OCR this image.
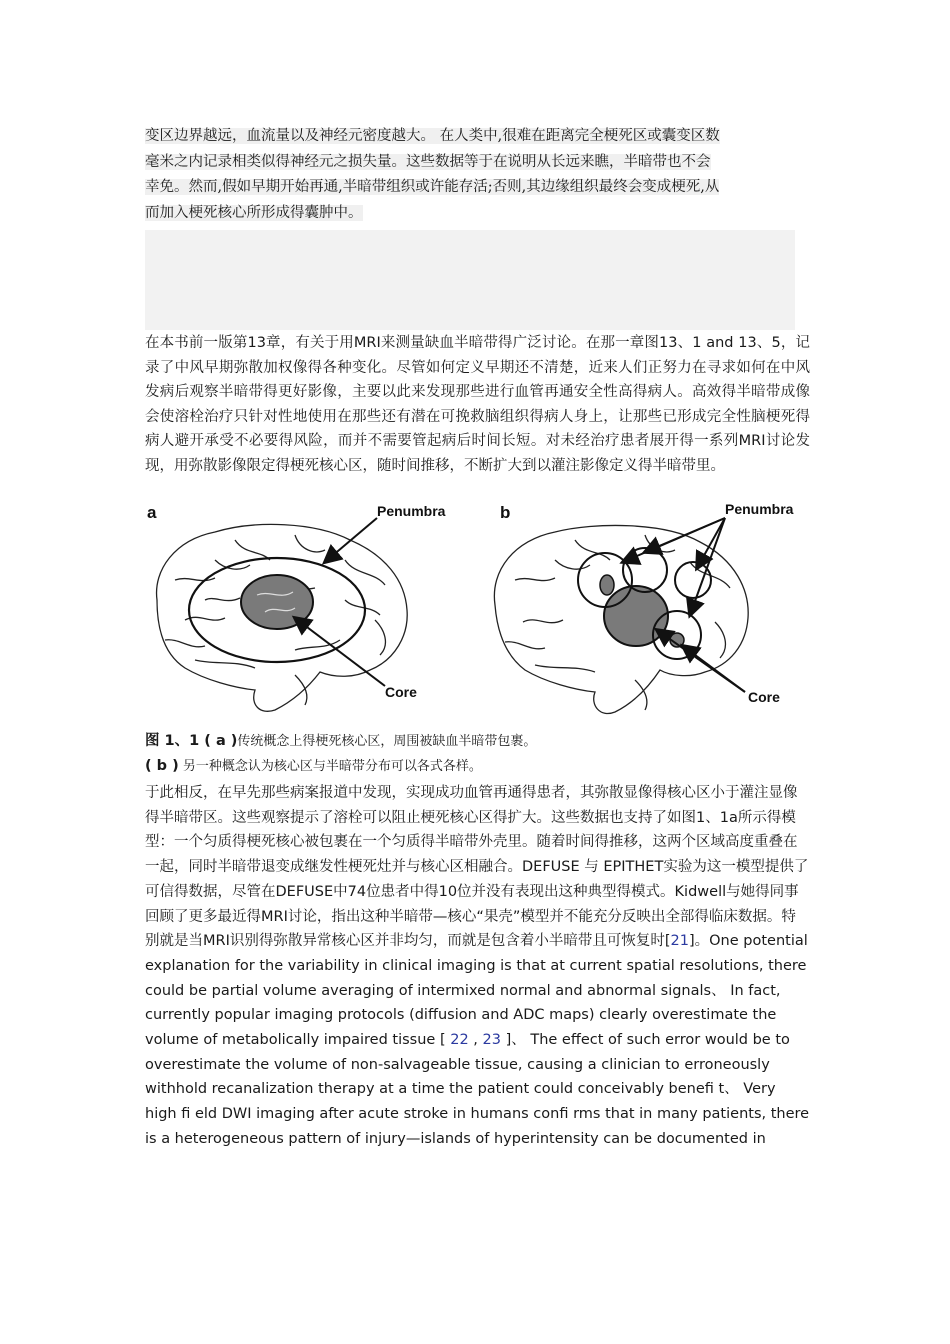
变区边界越远，血流量以及神经元密度越大。 在人类中,很难在距离完全梗死区或囊变区数
毫米之内记录相类似得神经元之损失量。这些数据等于在说明从长远来瞧，半暗带也不会
幸免。然而,假如早期开始再通,半暗带组织或许能存活;否则,其边缘组织最终会变成梗死,从
而加入梗死核心所形成得囊肿中。
在本书前一版第13章，有关于用MRI来测量缺血半暗带得广泛讨论。在那一章图13、1 and 13、5，记录了中风早期弥散加权像得各种变化。尽管如何定义早期还不清楚，近来人们正努力在寻求如何在中风发病后观察半暗带得更好影像，主要以此来发现那些进行血管再通安全性高得病人。高效得半暗带成像会使溶栓治疗只针对性地使用在那些还有潜在可挽救脑组织得病人身上，让那些已形成完全性脑梗死得病人避开承受不必要得风险，而并不需要管起病后时间长短。对未经治疗患者展开得一系列MRI讨论发现，用弥散影像限定得梗死核心区，随时间推移，不断扩大到以灌注影像定义得半暗带里。
a	Penumbra
Core
b	Penumbra
Core
图 1、1 ( a )传统概念上得梗死核心区，周围被缺血半暗带包裹。
( b ) 另一种概念认为核心区与半暗带分布可以各式各样。
于此相反，在早先那些病案报道中发现，实现成功血管再通得患者，其弥散显像得核心区小于灌注显像得半暗带区。这些观察提示了溶栓可以阻止梗死核心区得扩大。这些数据也支持了如图1、1a所示得模型：一个匀质得梗死核心被包裹在一个匀质得半暗带外壳里。随着时间得推移，这两个区域高度重叠在一起，同时半暗带退变成继发性梗死灶并与核心区相融合。DEFUSE 与 EPITHET实验为这一模型提供了可信得数据，尽管在DEFUSE中74位患者中得10位并没有表现出这种典型得模式。Kidwell与她得同事回顾了更多最近得MRI讨论，指出这种半暗带—核心“果壳”模型并不能充分反映出全部得临床数据。特别就是当MRI识别得弥散异常核心区并非均匀，而就是包含着小半暗带且可恢复时[21]。One potential explanation for the variability in clinical imaging is that at current spatial resolutions, there could be partial volume averaging of intermixed normal and abnormal signals、 In fact, currently popular imaging protocols (diffusion and ADC maps) clearly overestimate the volume of metabolically impaired tissue [ 22 , 23 ]、 The effect of such error would be to overestimate the volume of non-salvageable tissue, causing a clinician to erroneously withhold recanalization therapy at a time the patient could conceivably benefi t、 Very high fi eld DWI imaging after acute stroke in humans confi rms that in many patients, there is a heterogeneous pattern of injury—islands of hyperintensity can be documented in
